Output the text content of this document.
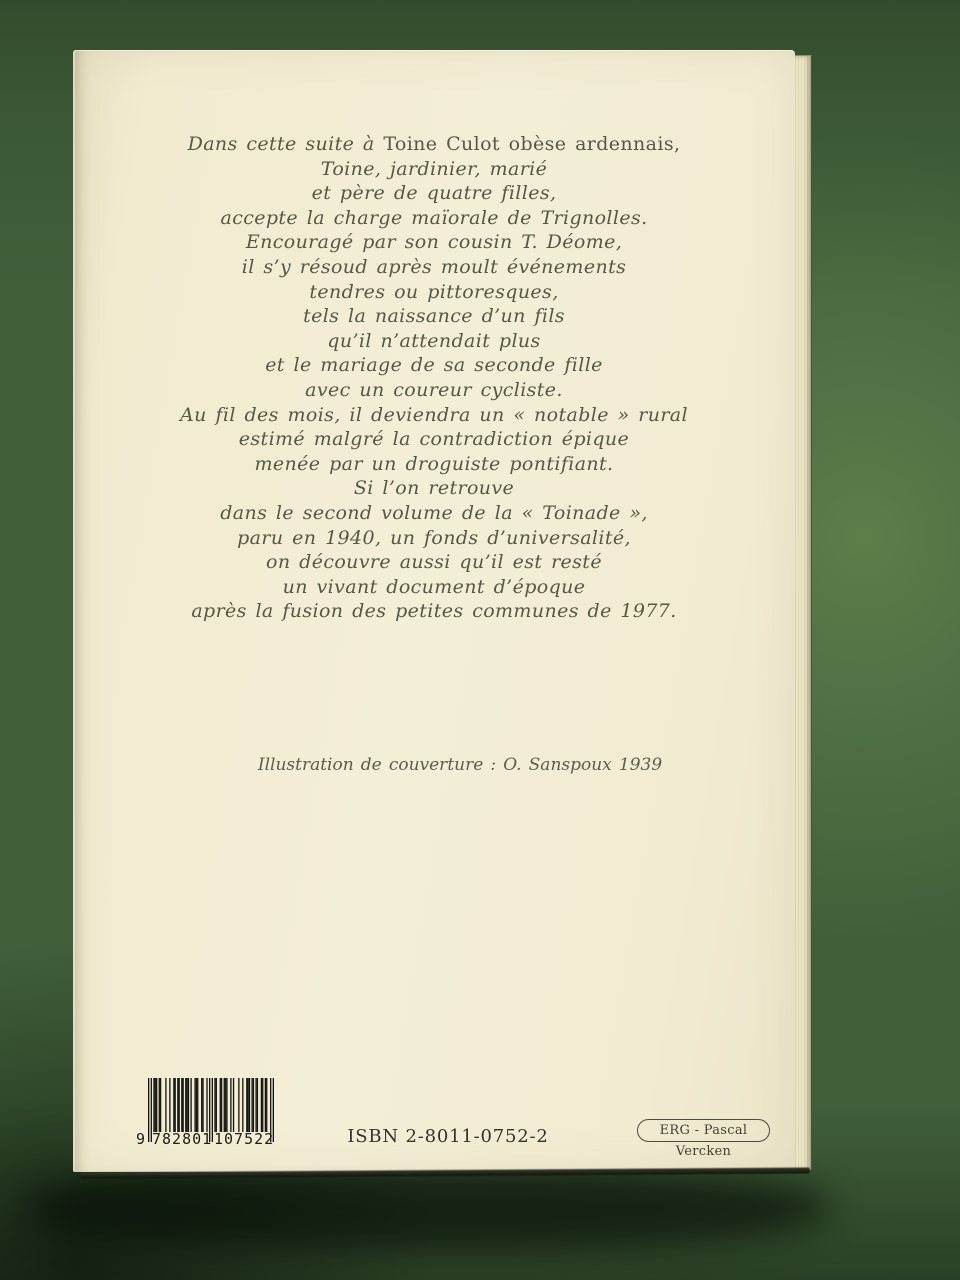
Dans cette suite à Toine Culot obèse ardennais,
Toine, jardinier, marié
et père de quatre filles,
accepte la charge maïorale de Trignolles.
Encouragé par son cousin T. Déome,
il s’y résoud après moult événements
tendres ou pittoresques,
tels la naissance d’un fils
qu’il n’attendait plus
et le mariage de sa seconde fille
avec un coureur cycliste.
Au fil des mois, il deviendra un « notable » rural
estimé malgré la contradiction épique
menée par un droguiste pontifiant.
Si l’on retrouve
dans le second volume de la « Toinade »,
paru en 1940, un fonds d’universalité,
on découvre aussi qu’il est resté
un vivant document d’époque
après la fusion des petites communes de 1977.
Illustration de couverture : O. Sanspoux 1939
9 782801 107522	ISBN 2-8011-0752-2	ERG - Pascal Vercken
